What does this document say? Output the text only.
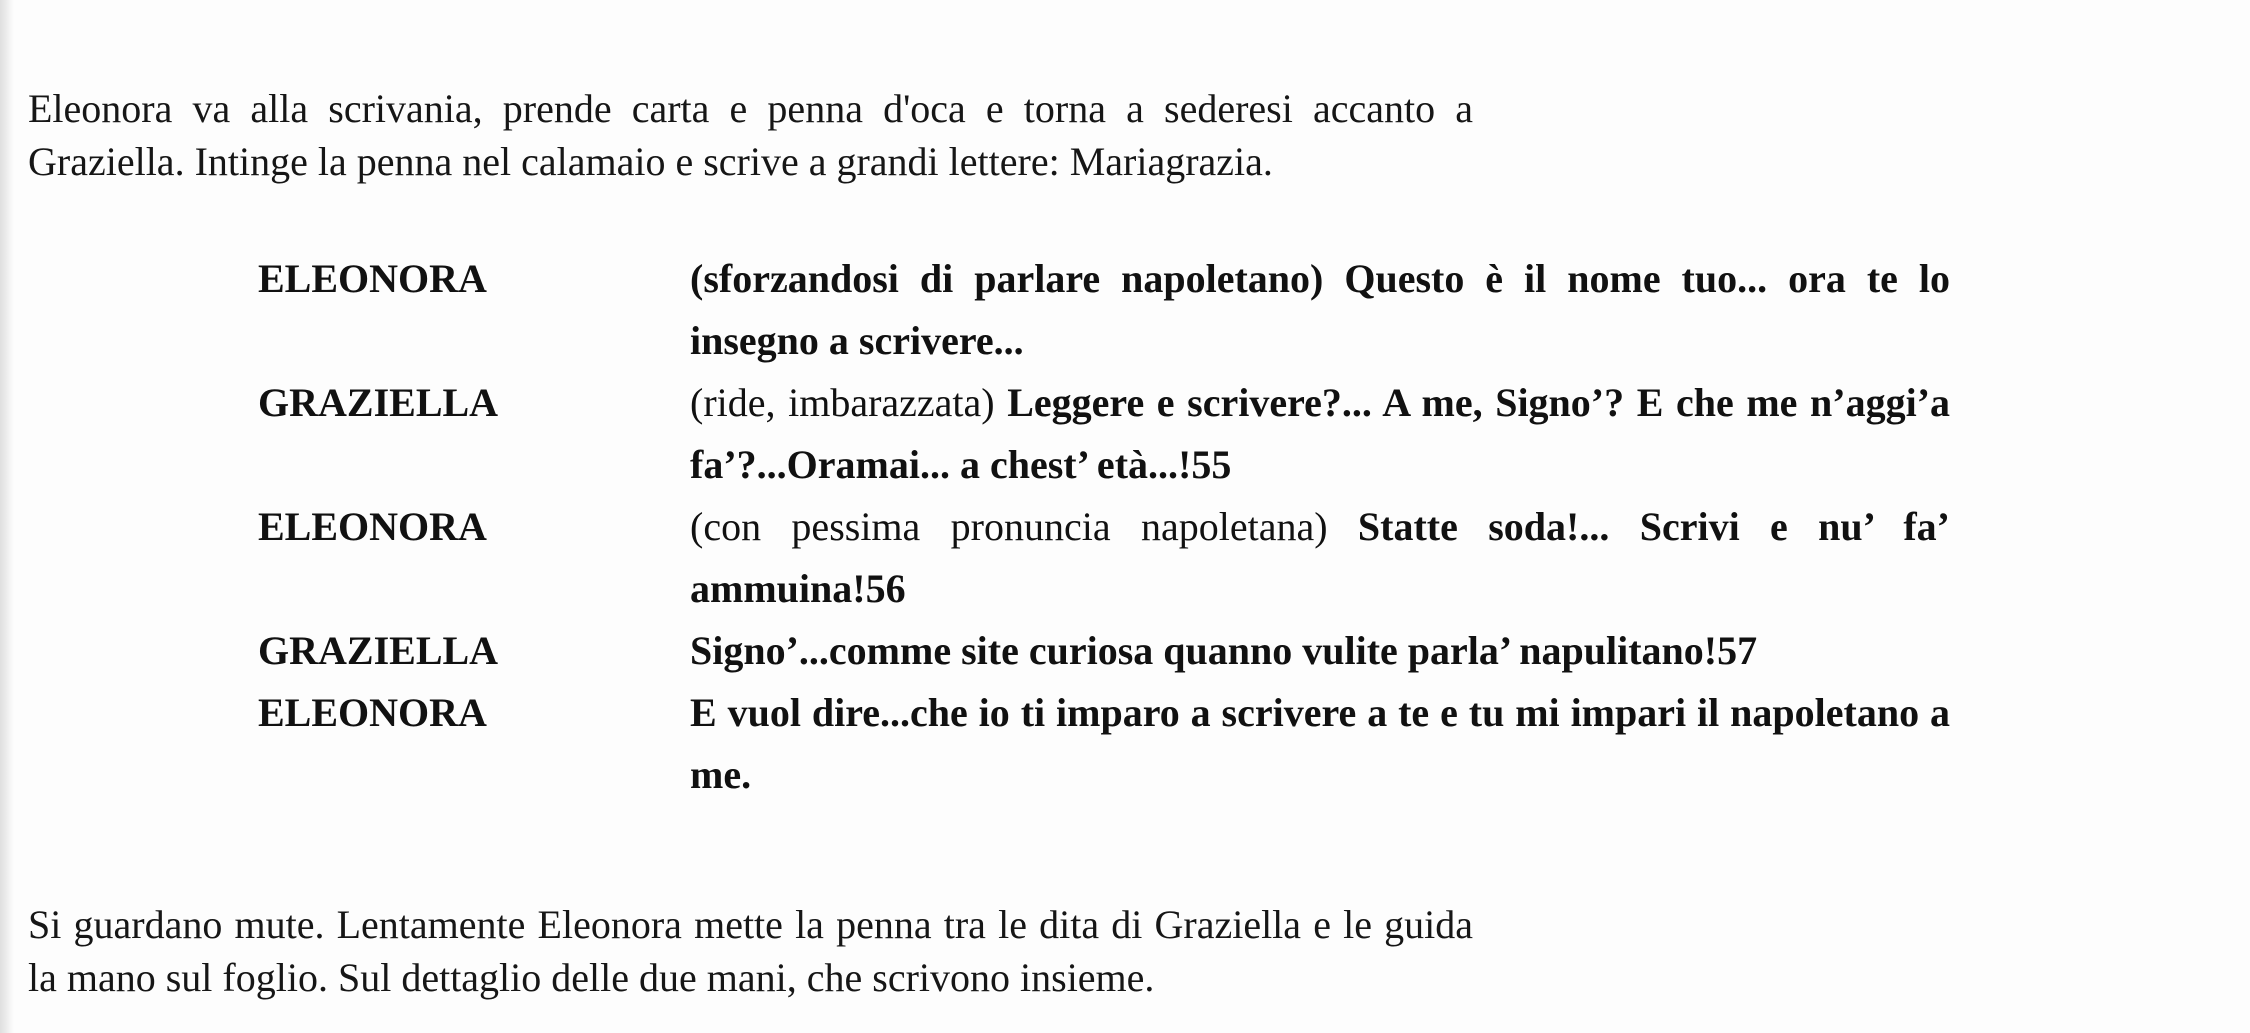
Eleonora va alla scrivania, prende carta e penna d'oca e torna a sederesi accanto a Graziella. Intinge la penna nel calamaio e scrive a grandi lettere: Mariagrazia.

ELEONORA	(sforzandosi di parlare napoletano) Questo è il nome tuo... ora te lo insegno a scrivere...
GRAZIELLA	(ride, imbarazzata) Leggere e scrivere?... A me, Signo’? E che me n’aggi’a fa’?...Oramai... a chest’ età...!55
ELEONORA	(con pessima pronuncia napoletana) Statte soda!... Scrivi e nu’ fa’ ammuina!56
GRAZIELLA	Signo’...comme site curiosa quanno vulite parla’ napulitano!57
ELEONORA	E vuol dire...che io ti imparo a scrivere a te e tu mi impari il napoletano a me.

Si guardano mute. Lentamente Eleonora mette la penna tra le dita di Graziella e le guida la mano sul foglio. Sul dettaglio delle due mani, che scrivono insieme.
